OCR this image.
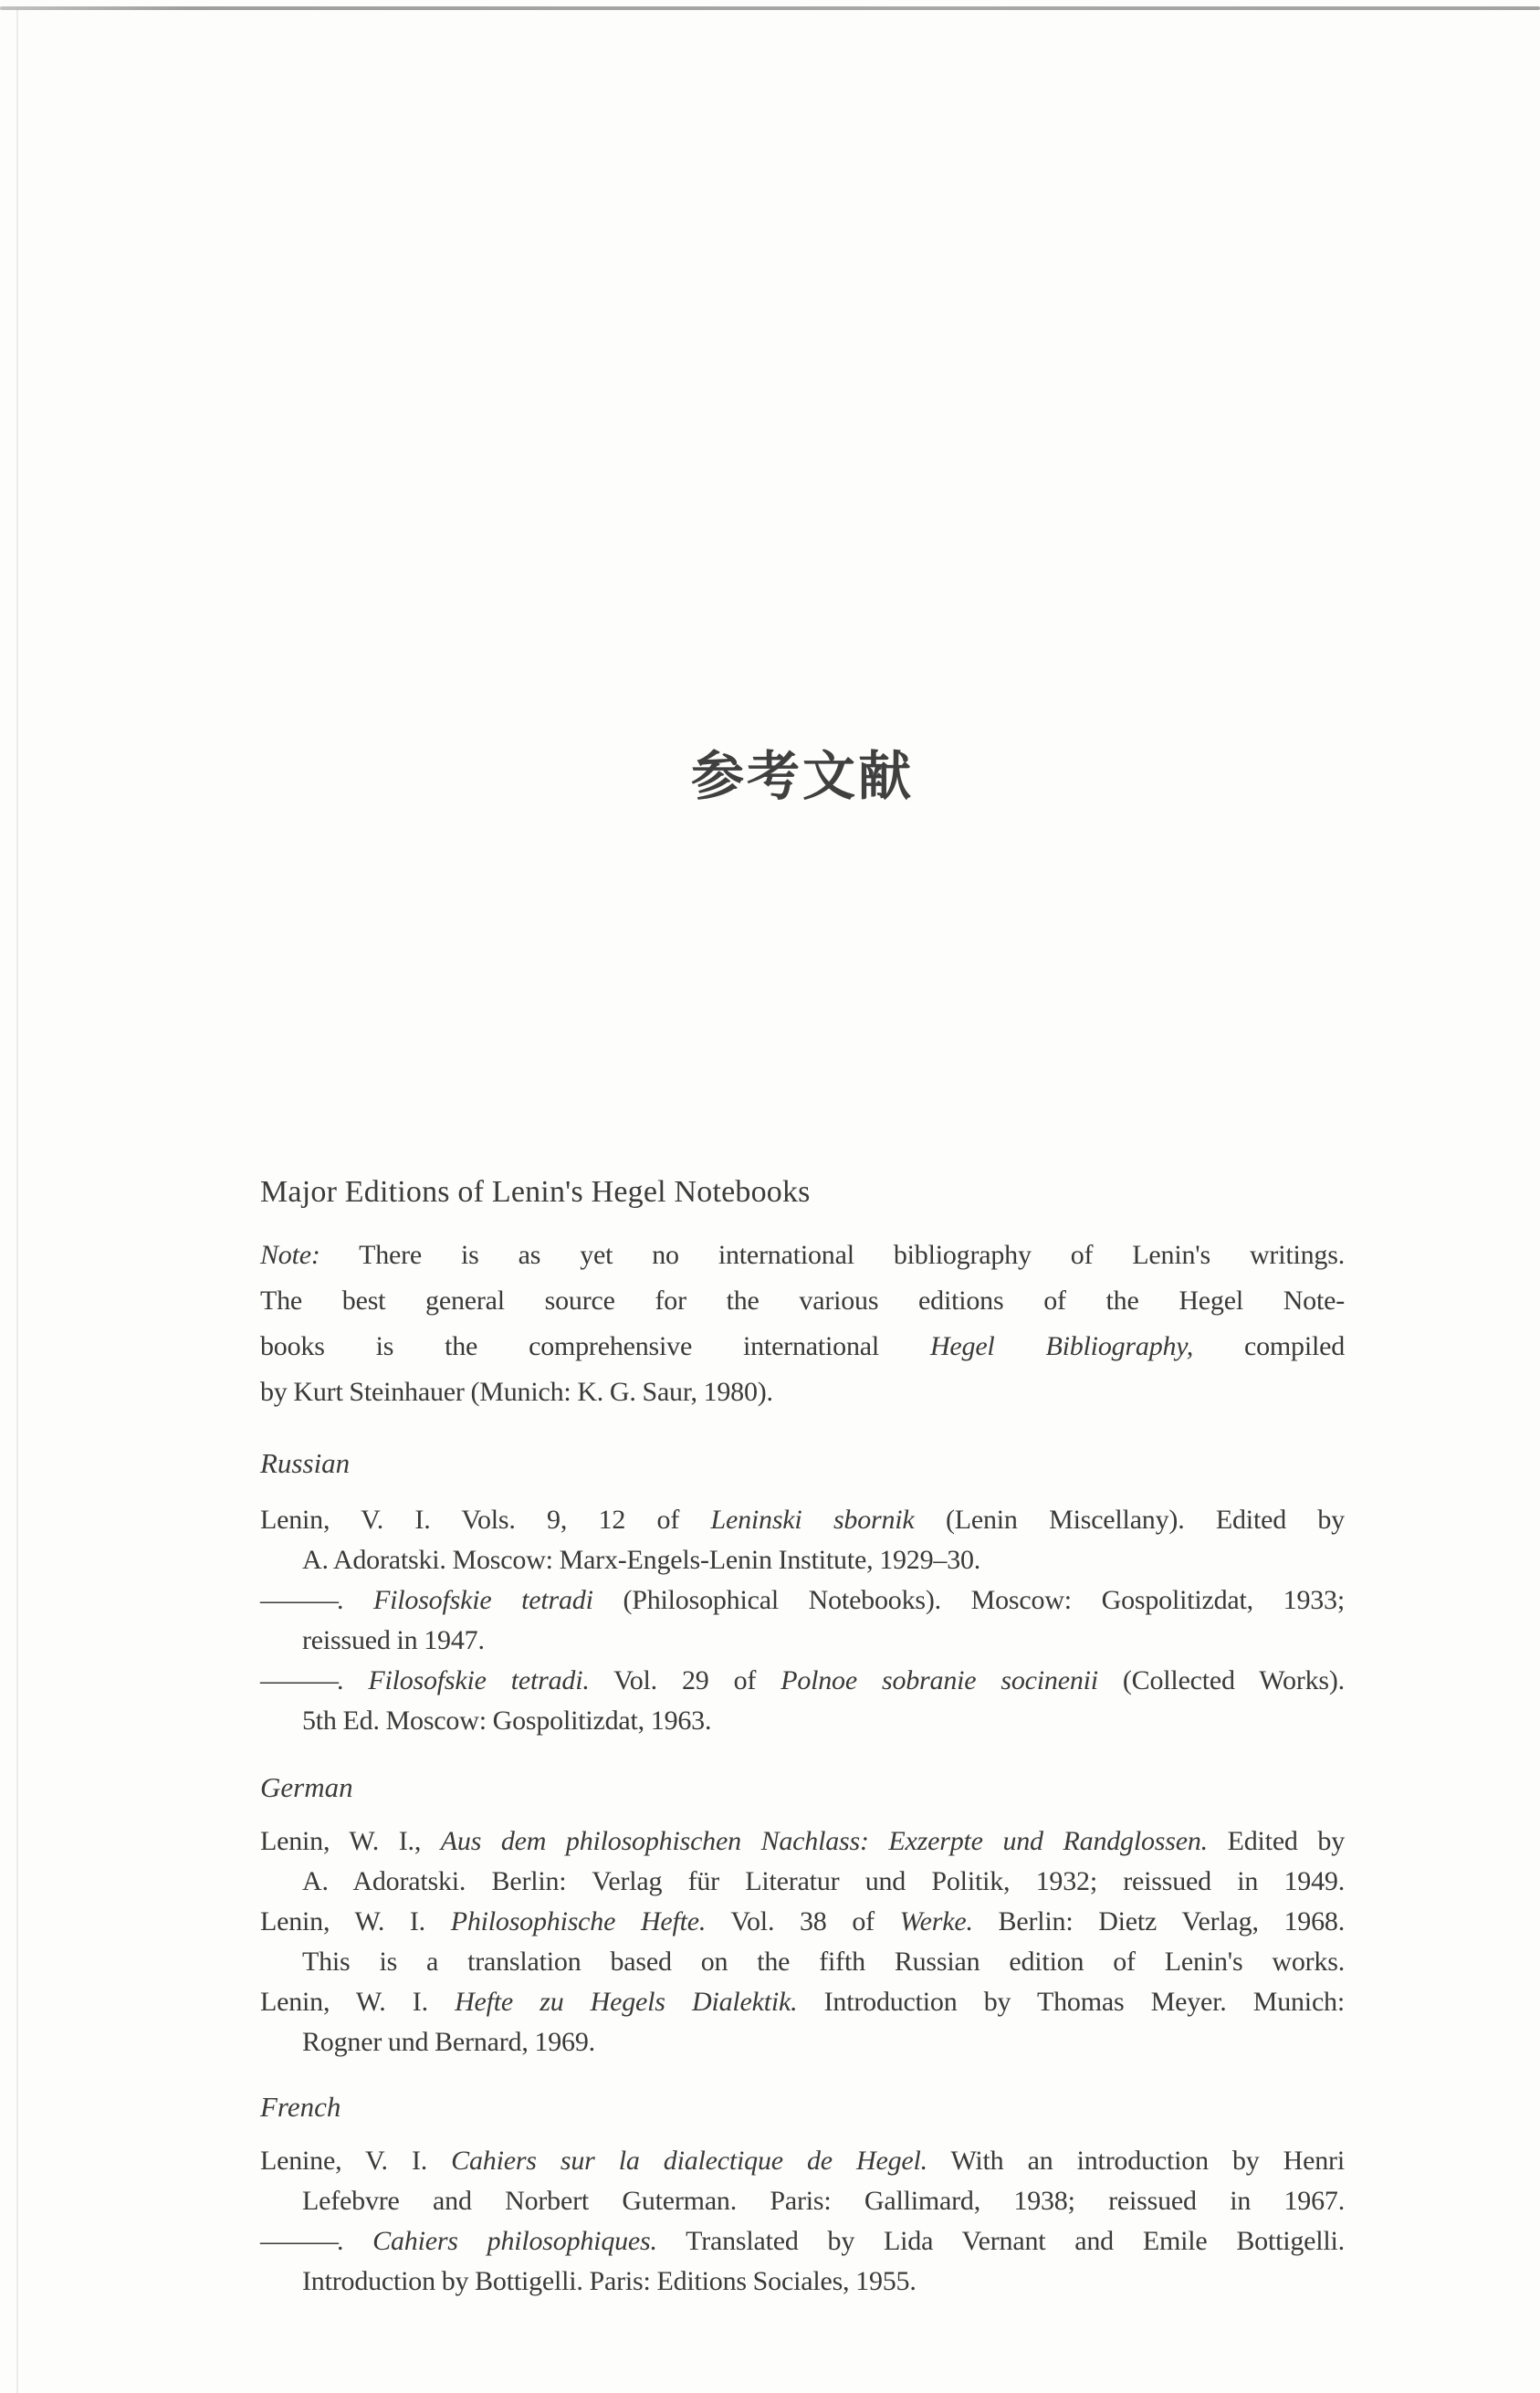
参考文献
Major Editions of Lenin's Hegel Notebooks
Note: There is as yet no international bibliography of Lenin's writings.
The best general source for the various editions of the Hegel Note-
books is the comprehensive international Hegel Bibliography, compiled
by Kurt Steinhauer (Munich: K. G. Saur, 1980).
Russian
Lenin, V. I. Vols. 9, 12 of Leninski sbornik (Lenin Miscellany). Edited by
A. Adoratski. Moscow: Marx-Engels-Lenin Institute, 1929–30.
———. Filosofskie tetradi (Philosophical Notebooks). Moscow: Gospolitizdat, 1933;
reissued in 1947.
———. Filosofskie tetradi. Vol. 29 of Polnoe sobranie socinenii (Collected Works).
5th Ed. Moscow: Gospolitizdat, 1963.
German
Lenin, W. I., Aus dem philosophischen Nachlass: Exzerpte und Randglossen. Edited by
A. Adoratski. Berlin: Verlag für Literatur und Politik, 1932; reissued in 1949.
Lenin, W. I. Philosophische Hefte. Vol. 38 of Werke. Berlin: Dietz Verlag, 1968.
This is a translation based on the fifth Russian edition of Lenin's works.
Lenin, W. I. Hefte zu Hegels Dialektik. Introduction by Thomas Meyer. Munich:
Rogner und Bernard, 1969.
French
Lenine, V. I. Cahiers sur la dialectique de Hegel. With an introduction by Henri
Lefebvre and Norbert Guterman. Paris: Gallimard, 1938; reissued in 1967.
———. Cahiers philosophiques. Translated by Lida Vernant and Emile Bottigelli.
Introduction by Bottigelli. Paris: Editions Sociales, 1955.
